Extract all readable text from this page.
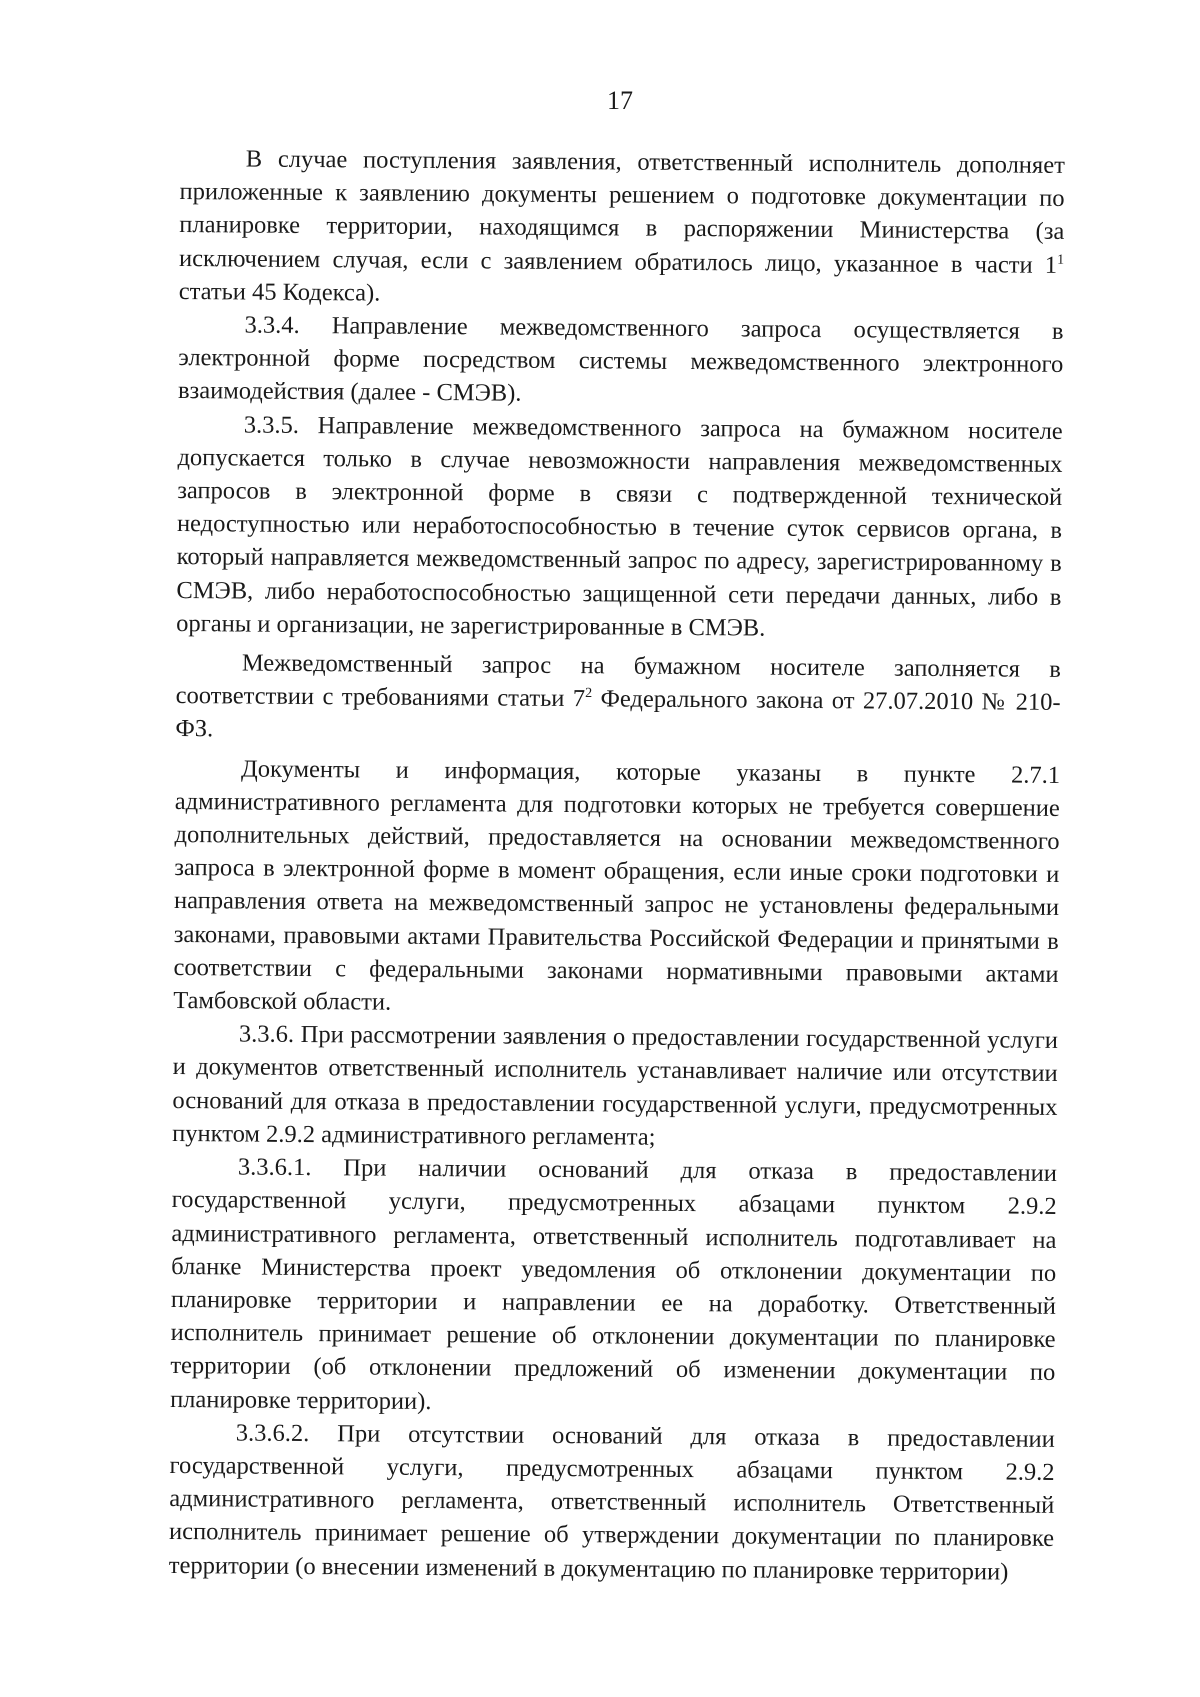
17

В случае поступления заявления, ответственный исполнитель дополняет приложенные к заявлению документы решением о подготовке документации по планировке территории, находящимся в распоряжении Министерства (за исключением случая, если с заявлением обратилось лицо, указанное в части $1^1$ статьи 45 Кодекса).

3.3.4. Направление межведомственного запроса осуществляется в электронной форме посредством системы межведомственного электронного взаимодействия (далее - СМЭВ).

3.3.5. Направление межведомственного запроса на бумажном носителе допускается только в случае невозможности направления межведомственных запросов в электронной форме в связи с подтвержденной технической недоступностью или неработоспособностью в течение суток сервисов органа, в который направляется межведомственный запрос по адресу, зарегистрированному в СМЭВ, либо неработоспособностью защищенной сети передачи данных, либо в органы и организации, не зарегистрированные в СМЭВ.

Межведомственный запрос на бумажном носителе заполняется в соответствии с требованиями статьи $7^2$ Федерального закона от 27.07.2010 № 210-ФЗ.

Документы и информация, которые указаны в пункте 2.7.1 административного регламента для подготовки которых не требуется совершение дополнительных действий, предоставляется на основании межведомственного запроса в электронной форме в момент обращения, если иные сроки подготовки и направления ответа на межведомственный запрос не установлены федеральными законами, правовыми актами Правительства Российской Федерации и принятыми в соответствии с федеральными законами нормативными правовыми актами Тамбовской области.

3.3.6. При рассмотрении заявления о предоставлении государственной услуги и документов ответственный исполнитель устанавливает наличие или отсутствии оснований для отказа в предоставлении государственной услуги, предусмотренных пунктом 2.9.2 административного регламента;

3.3.6.1. При наличии оснований для отказа в предоставлении государственной услуги, предусмотренных абзацами пунктом 2.9.2 административного регламента, ответственный исполнитель подготавливает на бланке Министерства проект уведомления об отклонении документации по планировке территории и направлении ее на доработку. Ответственный исполнитель принимает решение об отклонении документации по планировке территории (об отклонении предложений об изменении документации по планировке территории).

3.3.6.2. При отсутствии оснований для отказа в предоставлении государственной услуги, предусмотренных абзацами пунктом 2.9.2 административного регламента, ответственный исполнитель Ответственный исполнитель принимает решение об утверждении документации по планировке территории (о внесении изменений в документацию по планировке территории)
